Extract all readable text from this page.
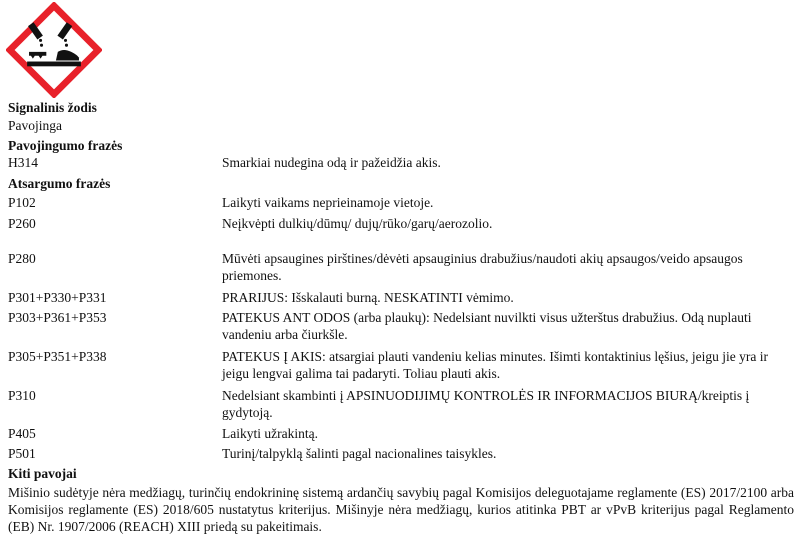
Signalinis žodis
Pavojinga
Pavojingumo frazės
H314	Smarkiai nudegina odą ir pažeidžia akis.
Atsargumo frazės
P102	Laikyti vaikams neprieinamoje vietoje.
P260	Neįkvėpti dulkių/dūmų/ dujų/rūko/garų/aerozolio.
P280	Mūvėti apsaugines pirštines/dėvėti apsauginius drabužius/naudoti akių apsaugos/veido apsaugos priemones.
P301+P330+P331	PRARIJUS: Išskalauti burną. NESKATINTI vėmimo.
P303+P361+P353	PATEKUS ANT ODOS (arba plaukų): Nedelsiant nuvilkti visus užterštus drabužius. Odą nuplauti vandeniu arba čiurkšle.
P305+P351+P338	PATEKUS Į AKIS: atsargiai plauti vandeniu kelias minutes. Išimti kontaktinius lęšius, jeigu jie yra ir jeigu lengvai galima tai padaryti. Toliau plauti akis.
P310	Nedelsiant skambinti į APSINUODIJIMŲ KONTROLĖS IR INFORMACIJOS BIURĄ/kreiptis į gydytoją.
P405	Laikyti užrakintą.
P501	Turinį/talpyklą šalinti pagal nacionalines taisykles.
Kiti pavojai
Mišinio sudėtyje nėra medžiagų, turinčių endokrininę sistemą ardančių savybių pagal Komisijos deleguotajame reglamente (ES) 2017/2100 arba Komisijos reglamente (ES) 2018/605 nustatytus kriterijus. Mišinyje nėra medžiagų, kurios atitinka PBT ar vPvB kriterijus pagal Reglamento (EB) Nr. 1907/2006 (REACH) XIII priedą su pakeitimais.
